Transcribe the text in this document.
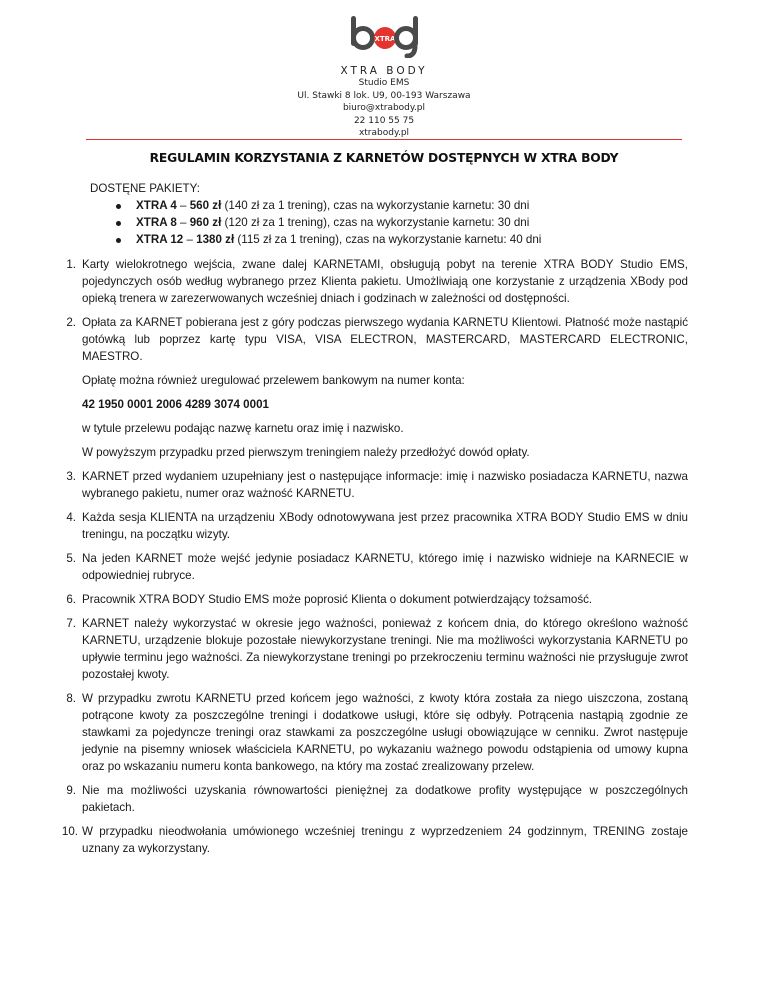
XTRA
XTRA BODY
Studio EMS
Ul. Stawki 8 lok. U9, 00-193 Warszawa
biuro@xtrabody.pl
22 110 55 75
xtrabody.pl
REGULAMIN KORZYSTANIA Z KARNETÓW DOSTĘPNYCH W XTRA BODY
DOSTĘNE PAKIETY:
XTRA 4 – 560 zł (140 zł za 1 trening), czas na wykorzystanie karnetu: 30 dni
XTRA 8 – 960 zł (120 zł za 1 trening), czas na wykorzystanie karnetu: 30 dni
XTRA 12 – 1380 zł (115 zł za 1 trening), czas na wykorzystanie karnetu: 40 dni
1. Karty wielokrotnego wejścia, zwane dalej KARNETAMI, obsługują pobyt na terenie XTRA BODY Studio EMS, pojedynczych osób według wybranego przez Klienta pakietu. Umożliwiają one korzystanie z urządzenia XBody pod opieką trenera w zarezerwowanych wcześniej dniach i godzinach w zależności od dostępności.
2. Opłata za KARNET pobierana jest z góry podczas pierwszego wydania KARNETU Klientowi. Płatność może nastąpić gotówką lub poprzez kartę typu VISA, VISA ELECTRON, MASTERCARD, MASTERCARD ELECTRONIC, MAESTRO.
Opłatę można również uregulować przelewem bankowym na numer konta:
42 1950 0001 2006 4289 3074 0001
w tytule przelewu podając nazwę karnetu oraz imię i nazwisko.
W powyższym przypadku przed pierwszym treningiem należy przedłożyć dowód opłaty.
3. KARNET przed wydaniem uzupełniany jest o następujące informacje: imię i nazwisko posiadacza KARNETU, nazwa wybranego pakietu, numer oraz ważność KARNETU.
4. Każda sesja KLIENTA na urządzeniu XBody odnotowywana jest przez pracownika XTRA BODY Studio EMS w dniu treningu, na początku wizyty.
5. Na jeden KARNET może wejść jedynie posiadacz KARNETU, którego imię i nazwisko widnieje na KARNECIE w odpowiedniej rubryce.
6. Pracownik XTRA BODY Studio EMS może poprosić Klienta o dokument potwierdzający tożsamość.
7. KARNET należy wykorzystać w okresie jego ważności, ponieważ z końcem dnia, do którego określono ważność KARNETU, urządzenie blokuje pozostałe niewykorzystane treningi. Nie ma możliwości wykorzystania KARNETU po upływie terminu jego ważności. Za niewykorzystane treningi po przekroczeniu terminu ważności nie przysługuje zwrot pozostałej kwoty.
8. W przypadku zwrotu KARNETU przed końcem jego ważności, z kwoty która została za niego uiszczona, zostaną potrącone kwoty za poszczególne treningi i dodatkowe usługi, które się odbyły. Potrącenia nastąpią zgodnie ze stawkami za pojedyncze treningi oraz stawkami za poszczególne usługi obowiązujące w cenniku. Zwrot następuje jedynie na pisemny wniosek właściciela KARNETU, po wykazaniu ważnego powodu odstąpienia od umowy kupna oraz po wskazaniu numeru konta bankowego, na który ma zostać zrealizowany przelew.
9. Nie ma możliwości uzyskania równowartości pieniężnej za dodatkowe profity występujące w poszczególnych pakietach.
10. W przypadku nieodwołania umówionego wcześniej treningu z wyprzedzeniem 24 godzinnym, TRENING zostaje uznany za wykorzystany.
